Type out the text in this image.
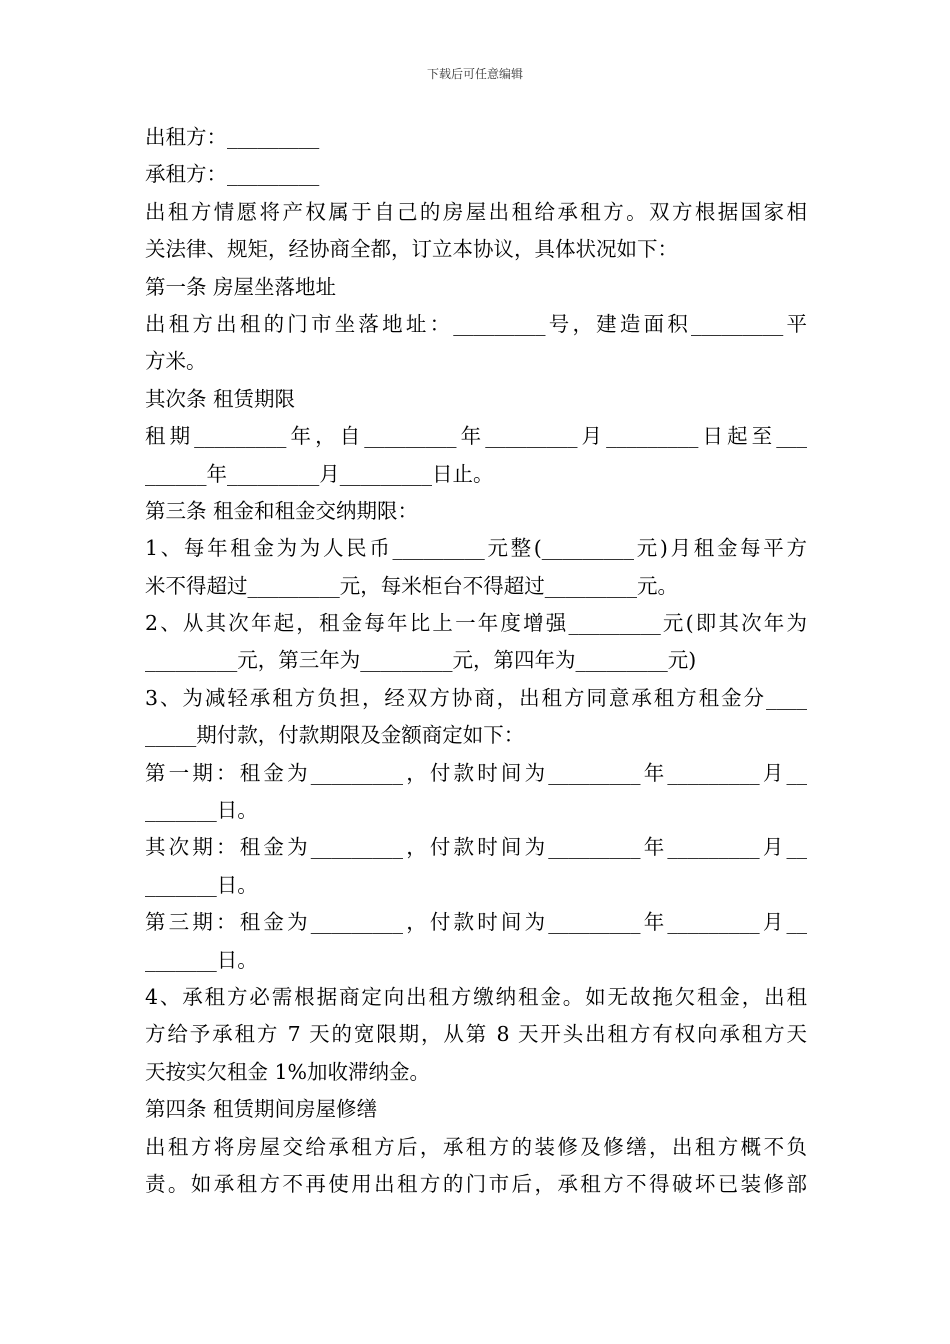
下载后可任意编辑
出租方：_________
承租方：_________
出租方情愿将产权属于自己的房屋出租给承租方。双方根据国家相
关法律、规矩，经协商全都，订立本协议，具体状况如下：
第一条 房屋坐落地址
出租方出租的门市坐落地址：_________号，建造面积_________平
方米。
其次条 租赁期限
租期_________年，自_________年_________月_________日起至___
______年_________月_________日止。
第三条 租金和租金交纳期限：
1、每年租金为为人民币_________元整(_________元)月租金每平方
米不得超过_________元，每米柜台不得超过_________元。
2、从其次年起，租金每年比上一年度增强_________元(即其次年为
_________元，第三年为_________元，第四年为_________元)
3、为减轻承租方负担，经双方协商，出租方同意承租方租金分____
_____期付款，付款期限及金额商定如下：
第一期：租金为_________，付款时间为_________年_________月__
_______日。
其次期：租金为_________，付款时间为_________年_________月__
_______日。
第三期：租金为_________，付款时间为_________年_________月__
_______日。
4、承租方必需根据商定向出租方缴纳租金。如无故拖欠租金，出租
方给予承租方 7 天的宽限期，从第 8 天开头出租方有权向承租方天
天按实欠租金 1%加收滞纳金。
第四条 租赁期间房屋修缮
出租方将房屋交给承租方后，承租方的装修及修缮，出租方概不负
责。如承租方不再使用出租方的门市后，承租方不得破坏已装修部
